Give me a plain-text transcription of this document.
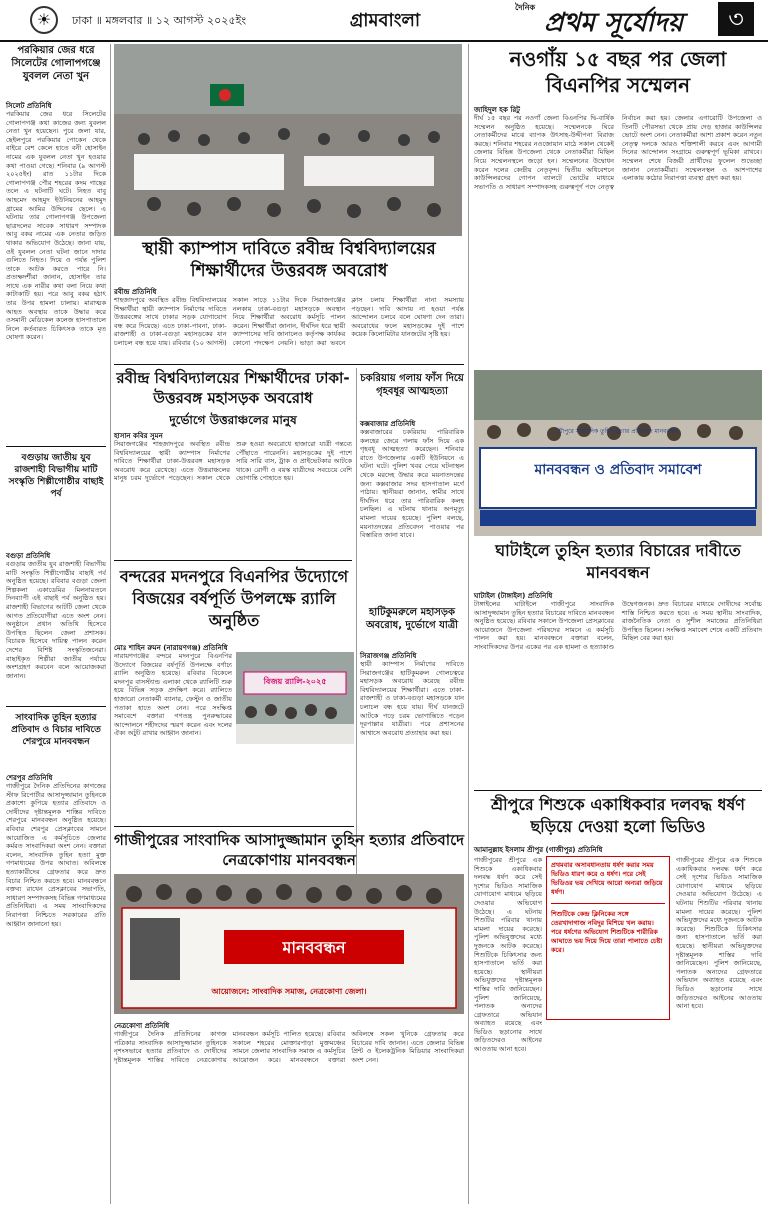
☀	ঢাকা ॥ মঙ্গলবার ॥ ১২ আগস্ট ২০২৫ইং	গ্রামবাংলা
$^{দৈনিক}$ প্রথম সূর্যোদয়	৩
পরকিয়ার জের ধরে সিলেটের গোলাপগঞ্জে যুবলল নেতা খুন
সিলেট প্রতিনিধি
পরকিয়ার জের ধরে সিলেটের গোলাপগঞ্জ কথা কাজের জন্য যুবলল নেতা খুন হয়েছেন। পুরে জলা যার, ছেইলপুরে পরকিয়ার পোকেন থেকে বাইরে বেশ কেলে হাতে বনী হোসাইন নামের এক যুবলল নেতা খুন হওয়ার কথা পাওয়া গেছে। শনিবার (৯ আগস্ট ২০২৫ইং) রাত ১১টার দিকে গোলাপগঞ্জ পৌর শহরের কদম গাছের তলে এ ঘটনাটি ঘটে। নিহত বাবু আহমেদ আহমুদ ইউনিয়নের আহমুদ গ্রামের আমির উদ্দিনের ছেলে। এ ঘটনায় তার গোলাপগঞ্জ উপজেলা ছাত্রদলের সাবেক সাধারণ সম্পাদক আবু বকর নামের এক নেতার জড়িত থাকার অভিযোগ উঠেছে। জানা যায়, ওই যুবলল নেতা ঘটনা জানে দাদার গুলিতে নিহত। দিয়ে ও পর্যন্ত পুলিশ তাকে আটক করতে পারে নি। প্রত্যক্ষদর্শীরা জানান, হোসাইন তার সাথে এক নারীর কথা বলা নিয়ে কথা কাটাকাটি হয়। পরে আবু বকর হঠাৎ তার উপর হামলা চালায়। মারাত্মক আহত অবস্থায় তাকে উদ্ধার করে ওসমানী মেডিকেল কলেজ হাসপাতালে নিলে কর্তব্যরত চিকিৎসক তাকে মৃত ঘোষণা করেন।
বগুড়ায় জাতীয় যুব রাজশাহী বিভাগীয় মাটি সংস্কৃতি শিল্পীগোষ্ঠীর বাছাই পর্ব
বগুড়া প্রতিনিধি
বগুড়ায় জাতীয় যুব রাজশাহী বিভাগীয় মাটি সংস্কৃতি শিল্পীগোষ্ঠীর বাছাই পর্ব অনুষ্ঠিত হয়েছে। রবিবার বগুড়া জেলা শিল্পকলা একাডেমির মিলনায়তনে দিনব্যাপী এই বাছাই পর্ব অনুষ্ঠিত হয়। রাজশাহী বিভাগের আটটি জেলা থেকে আগত প্রতিযোগীরা এতে অংশ নেন। অনুষ্ঠানে প্রধান অতিথি হিসেবে উপস্থিত ছিলেন জেলা প্রশাসক। বিচারক হিসেবে দায়িত্ব পালন করেন দেশের বিশিষ্ট সংস্কৃতিজনেরা। বাছাইকৃত শিল্পীরা জাতীয় পর্যায়ে অংশগ্রহণ করবেন বলে আয়োজকরা জানান।
সাংবাদিক তুহিন হত্যার প্রতিবাদ ও বিচার দাবিতে শেরপুরে মানববন্ধন
শেরপুর প্রতিনিধি
গাজীপুরে দৈনিক প্রতিদিনের কাগজের স্টাফ রিপোর্টার আসাদুজ্জামান তুহিনকে প্রকাশ্যে কুপিয়ে হত্যার প্রতিবাদে ও দোষীদের দৃষ্টান্তমূলক শাস্তির দাবিতে শেরপুরে মানববন্ধন অনুষ্ঠিত হয়েছে। রবিবার শেরপুর প্রেসক্লাবের সামনে আয়োজিত এ কর্মসূচিতে জেলার কর্মরত সাংবাদিকরা অংশ নেন। বক্তারা বলেন, সাংবাদিক তুহিন হত্যা মুক্ত গণমাধ্যমের উপর আঘাত। অবিলম্বে হত্যাকারীদের গ্রেফতার করে দ্রুত বিচার নিশ্চিত করতে হবে। মানববন্ধনে বক্তব্য রাখেন প্রেসক্লাবের সভাপতি, সাধারণ সম্পাদকসহ বিভিন্ন গণমাধ্যমের প্রতিনিধিরা। এ সময় সাংবাদিকদের নিরাপত্তা নিশ্চিতে সরকারের প্রতি আহ্বান জানানো হয়।
স্থায়ী ক্যাম্পাস দাবিতে রবীন্দ্র বিশ্ববিদ্যালয়ের শিক্ষার্থীদের উত্তরবঙ্গ অবরোধ
রবীন্দ্র প্রতিনিধি
শাহজাদপুরে অবস্থিত রবীন্দ্র বিশ্ববিদ্যালয়ের শিক্ষার্থীরা স্থায়ী ক্যাম্পাস নির্মাণের দাবিতে উত্তরবঙ্গের সাথে ঢাকার সড়ক যোগাযোগ বন্ধ করে দিয়েছে। এতে ঢাকা-পাবনা, ঢাকা-রাজশাহী ও ঢাকা-বগুড়া মহাসড়কের যান চলাচল বন্ধ হয়ে যায়। রবিবার (১০ আগস্ট) সকাল সাড়ে ১১টার দিকে সিরাজগঞ্জের নলকায় ঢাকা-বগুড়া মহাসড়কে অবস্থান নিয়ে শিক্ষার্থীরা অবরোধ কর্মসূচি পালন করেন। শিক্ষার্থীরা জানান, দীর্ঘদিন ধরে স্থায়ী ক্যাম্পাসের দাবি জানালেও কর্তৃপক্ষ কার্যকর কোনো পদক্ষেপ নেয়নি। ভাড়া করা ভবনে ক্লাস চলায় শিক্ষার্থীরা নানা সমস্যায় পড়ছেন। দাবি আদায় না হওয়া পর্যন্ত আন্দোলন চলবে বলে ঘোষণা দেন তারা। অবরোধের ফলে মহাসড়কের দুই পাশে কয়েক কিলোমিটার যানজটের সৃষ্টি হয়।
নওগাঁয় ১৫ বছর পর জেলা বিএনপির সম্মেলন
জাহিদুল হক রিটু
দীর্ঘ ১৫ বছর পর নওগাঁ জেলা বিএনপির দ্বি-বার্ষিক সম্মেলন অনুষ্ঠিত হয়েছে। সম্মেলনকে ঘিরে নেতাকর্মীদের মাঝে ব্যাপক উৎসাহ-উদ্দীপনা বিরাজ করছে। শনিবার শহরের নওজোয়ান মাঠে সকাল থেকেই জেলার বিভিন্ন উপজেলা থেকে নেতাকর্মীরা মিছিল নিয়ে সম্মেলনস্থলে জড়ো হন। সম্মেলনের উদ্বোধন করেন দলের কেন্দ্রীয় নেতৃবৃন্দ। দ্বিতীয় অধিবেশনে কাউন্সিলরদের গোপন ব্যালটে ভোটের মাধ্যমে সভাপতি ও সাধারণ সম্পাদকসহ গুরুত্বপূর্ণ পদে নেতৃত্ব নির্বাচন করা হয়। জেলার এগারোটি উপজেলা ও তিনটি পৌরসভা থেকে প্রায় দেড় হাজার কাউন্সিলর ভোটে অংশ নেন। নেতাকর্মীরা আশা প্রকাশ করেন নতুন নেতৃত্ব দলকে আরও শক্তিশালী করবে এবং আগামী দিনের আন্দোলন সংগ্রামে গুরুত্বপূর্ণ ভূমিকা রাখবে। সম্মেলন শেষে বিজয়ী প্রার্থীদের ফুলেল শুভেচ্ছা জানান নেতাকর্মীরা। সম্মেলনস্থল ও আশপাশের এলাকায় কঠোর নিরাপত্তা ব্যবস্থা গ্রহণ করা হয়।
রবীন্দ্র বিশ্ববিদ্যালয়ের শিক্ষার্থীদের ঢাকা-উত্তরবঙ্গ মহাসড়ক অবরোধ
দুর্ভোগে উত্তরাঞ্চলের মানুষ
হাসান কবির সুমন
সিরাজগঞ্জের শাহজাদপুরে অবস্থিত রবীন্দ্র বিশ্ববিদ্যালয়ের স্থায়ী ক্যাম্পাস নির্মাণের দাবিতে শিক্ষার্থীরা ঢাকা-উত্তরবঙ্গ মহাসড়ক অবরোধ করে রেখেছে। এতে উত্তরাঞ্চলের মানুষ চরম দুর্ভোগে পড়েছেন। সকাল থেকে শুরু হওয়া অবরোধে হাজারো যাত্রী গন্তব্যে পৌঁছাতে পারেননি। মহাসড়কের দুই পাশে সারি সারি বাস, ট্রাক ও প্রাইভেটকার আটকে থাকে। রোগী ও বয়স্ক যাত্রীদের সবচেয়ে বেশি ভোগান্তি পোহাতে হয়।
চকরিয়ায় গলায় ফাঁস দিয়ে গৃহবধূর আত্মহত্যা
কক্সবাজার প্রতিনিধি
কক্সবাজারের চকরিয়ায় পারিবারিক কলহের জেরে গলায় ফাঁস দিয়ে এক গৃহবধূ আত্মহত্যা করেছেন। শনিবার রাতে উপজেলার একটি ইউনিয়নে এ ঘটনা ঘটে। পুলিশ খবর পেয়ে ঘটনাস্থল থেকে মরদেহ উদ্ধার করে ময়নাতদন্তের জন্য কক্সবাজার সদর হাসপাতাল মর্গে পাঠায়। স্থানীয়রা জানান, স্বামীর সাথে দীর্ঘদিন ধরে তার পারিবারিক কলহ চলছিল। এ ঘটনায় থানায় অপমৃত্যু মামলা দায়ের হয়েছে। পুলিশ বলছে, ময়নাতদন্তের প্রতিবেদন পাওয়ার পর বিস্তারিত জানা যাবে।
শ্রীপুরে সাংবাদিক তুহিন হত্যার প্রতিবাদে মানববন্ধন
মানববন্ধন ও প্রতিবাদ সমাবেশ
ঘাটাইলে তুহিন হত্যার বিচারের দাবীতে মানববন্ধন
ঘাটাইল (টাঙ্গাইল) প্রতিনিধি
টাঙ্গাইলের ঘাটাইলে গাজীপুরে সাংবাদিক আসাদুজ্জামান তুহিন হত্যার বিচারের দাবিতে মানববন্ধন অনুষ্ঠিত হয়েছে। রবিবার সকালে উপজেলা প্রেসক্লাবের আয়োজনে উপজেলা পরিষদের সামনে এ কর্মসূচি পালন করা হয়। মানববন্ধনে বক্তারা বলেন, সাংবাদিকদের উপর একের পর এক হামলা ও হত্যাকাণ্ড উদ্বেগজনক। দ্রুত বিচারের মাধ্যমে দোষীদের সর্বোচ্চ শাস্তি নিশ্চিত করতে হবে। এ সময় স্থানীয় সাংবাদিক, রাজনৈতিক নেতা ও সুশীল সমাজের প্রতিনিধিরা উপস্থিত ছিলেন। সংক্ষিপ্ত সমাবেশ শেষে একটি প্রতিবাদ মিছিল বের করা হয়।
বন্দরের মদনপুরে বিএনপির উদ্যোগে বিজয়ের বর্ষপূর্তি উপলক্ষে র‌্যালি অনুষ্ঠিত
মোঃ শাহিন রুমন (নারায়ণগঞ্জ) প্রতিনিধি
নারায়ণগঞ্জের বন্দরে মদনপুরে বিএনপির উদ্যোগে বিজয়ের বর্ষপূর্তি উপলক্ষে বর্ণাঢ্য র‌্যালি অনুষ্ঠিত হয়েছে। রবিবার বিকেলে মদনপুর বাসস্ট্যান্ড এলাকা থেকে র‌্যালিটি শুরু হয়ে বিভিন্ন সড়ক প্রদক্ষিণ করে। র‌্যালিতে হাজারো নেতাকর্মী ব্যানার, ফেস্টুন ও জাতীয় পতাকা হাতে অংশ নেন। পরে সংক্ষিপ্ত সমাবেশে বক্তারা গণতন্ত্র পুনরুদ্ধারের আন্দোলনে শহীদদের স্মরণ করেন এবং দলের ঐক্য অটুট রাখার আহ্বান জানান।
বিজয় র‌্যালি-২০২৫
হাটিকুমরুলে মহাসড়ক অবরোধ, দুর্ভোগে যাত্রী
সিরাজগঞ্জ প্রতিনিধি
স্থায়ী ক্যাম্পাস নির্মাণের দাবিতে সিরাজগঞ্জের হাটিকুমরুল গোলচত্বরে মহাসড়ক অবরোধ করেছে রবীন্দ্র বিশ্ববিদ্যালয়ের শিক্ষার্থীরা। এতে ঢাকা-রাজশাহী ও ঢাকা-বগুড়া মহাসড়কে যান চলাচল বন্ধ হয়ে যায়। দীর্ঘ যানজটে আটকে পড়ে চরম ভোগান্তিতে পড়েন দূরপাল্লার যাত্রীরা। পরে প্রশাসনের আশ্বাসে অবরোধ প্রত্যাহার করা হয়।
গাজীপুরের সাংবাদিক আসাদুজ্জামান তুহিন হত্যার প্রতিবাদে নেত্রকোণায় মানববন্ধন
মানববন্ধন
আয়োজনে: সাংবাদিক সমাজ, নেত্রকোণা জেলা।
নেত্রকোণা প্রতিনিধি
গাজীপুরে দৈনিক প্রতিদিনের কাগজ পত্রিকার সাংবাদিক আসাদুজ্জামান তুহিনকে নৃশংসভাবে হত্যার প্রতিবাদে ও দোষীদের দৃষ্টান্তমূলক শাস্তির দাবিতে নেত্রকোণায় মানববন্ধন কর্মসূচি পালিত হয়েছে। রবিবার সকালে শহরের মোক্তারপাড়া মুক্তমঞ্চের সামনে জেলার সাংবাদিক সমাজ এ কর্মসূচির আয়োজন করে। মানববন্ধনে বক্তারা অবিলম্বে সকল খুনিকে গ্রেফতার করে বিচারের দাবি জানান। এতে জেলার বিভিন্ন প্রিন্ট ও ইলেকট্রনিক মিডিয়ার সাংবাদিকরা অংশ নেন।
শ্রীপুরে শিশুকে একাধিকবার দলবদ্ধ ধর্ষণ ছড়িয়ে দেওয়া হলো ভিডিও
আমানুল্লাহ ইসলাম শ্রীপুর (গাজীপুর) প্রতিনিধি
প্রথমবার অসাবধানতায় ধর্ষণ করার সময় ভিডিও ধারণ করে ও ধর্ষণ। পরে সেই ভিডিওর ভয় দেখিয়ে আরো অন্যরা জড়িয়ে ধর্ষণ।
শিশুটিকে কেন্দ্র ক্লিনিকের সঙ্গে তেরখাদাগাজ নবিদুর মিশিয়ে খল করায়। পরে ধর্ষণের অভিযোগ শিশুটিকে শারীরিক আঘাতে ভয় দিয়ে দিয়ে তারা পালাতে চেষ্টা করে।
গাজীপুরের শ্রীপুরে এক শিশুকে একাধিকবার দলবদ্ধ ধর্ষণ করে সেই দৃশ্যের ভিডিও সামাজিক যোগাযোগ মাধ্যমে ছড়িয়ে দেওয়ার অভিযোগ উঠেছে। এ ঘটনায় শিশুটির পরিবার থানায় মামলা দায়ের করেছে। পুলিশ অভিযুক্তদের মধ্যে দুজনকে আটক করেছে। শিশুটিকে চিকিৎসার জন্য হাসপাতালে ভর্তি করা হয়েছে। স্থানীয়রা অভিযুক্তদের দৃষ্টান্তমূলক শাস্তির দাবি জানিয়েছেন। পুলিশ জানিয়েছে, পলাতক অন্যদের গ্রেফতারে অভিযান অব্যাহত রয়েছে এবং ভিডিও ছড়ানোর সাথে জড়িতদেরও আইনের আওতায় আনা হবে।
গাজীপুরের শ্রীপুরে এক শিশুকে একাধিকবার দলবদ্ধ ধর্ষণ করে সেই দৃশ্যের ভিডিও সামাজিক যোগাযোগ মাধ্যমে ছড়িয়ে দেওয়ার অভিযোগ উঠেছে। এ ঘটনায় শিশুটির পরিবার থানায় মামলা দায়ের করেছে। পুলিশ অভিযুক্তদের মধ্যে দুজনকে আটক করেছে। শিশুটিকে চিকিৎসার জন্য হাসপাতালে ভর্তি করা হয়েছে। স্থানীয়রা অভিযুক্তদের দৃষ্টান্তমূলক শাস্তির দাবি জানিয়েছেন। পুলিশ জানিয়েছে, পলাতক অন্যদের গ্রেফতারে অভিযান অব্যাহত রয়েছে এবং ভিডিও ছড়ানোর সাথে জড়িতদেরও আইনের আওতায় আনা হবে।
